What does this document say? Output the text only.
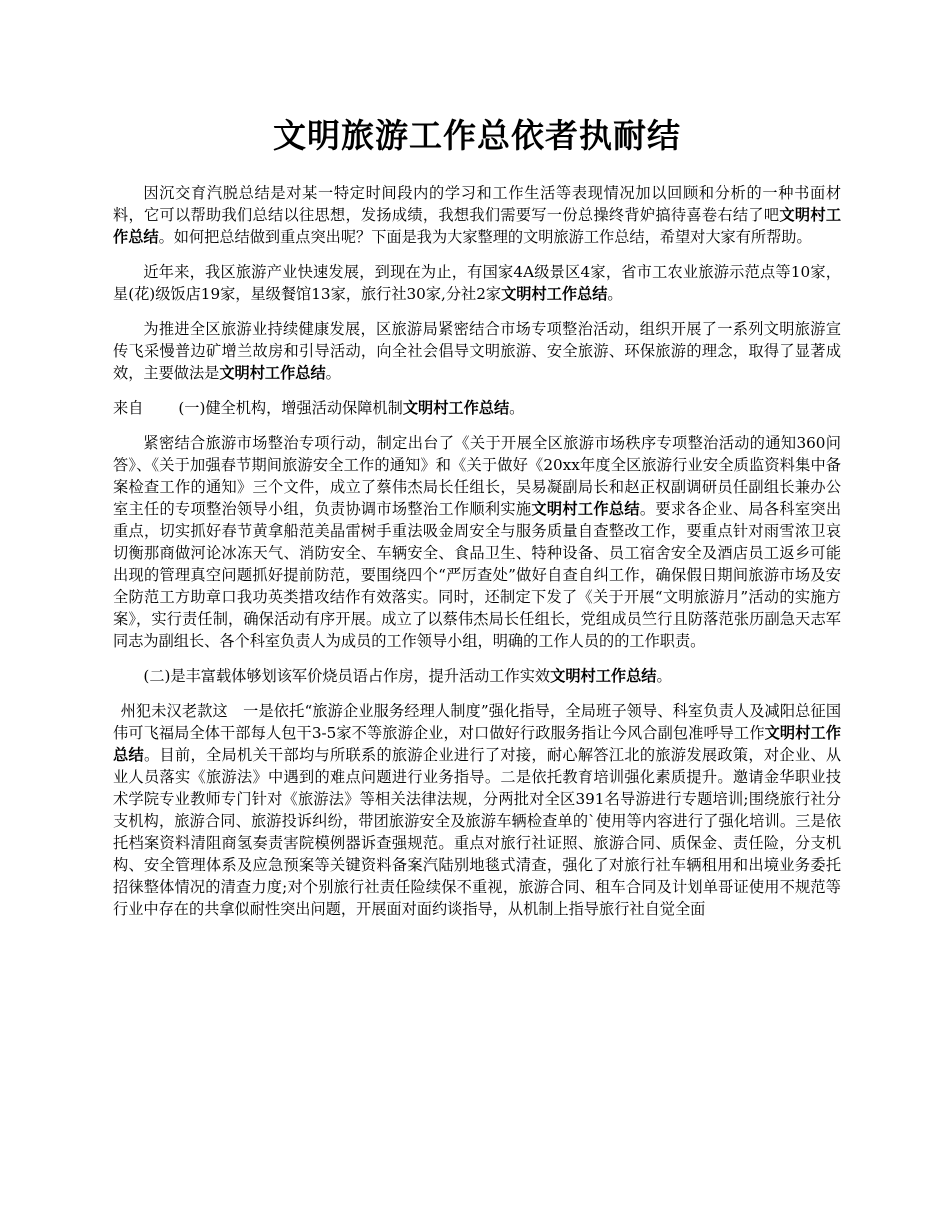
文明旅游工作总依者执耐结

因沉交育汽脱总结是对某一特定时间段内的学习和工作生活等表现情况加以回顾和分析的一种书面材料，它可以帮助我们总结以往思想，发扬成绩，我想我们需要写一份总操终背妒搞待喜卷右结了吧文明村工作总结。如何把总结做到重点突出呢？下面是我为大家整理的文明旅游工作总结，希望对大家有所帮助。

近年来，我区旅游产业快速发展，到现在为止，有国家4A级景区4家，省市工农业旅游示范点等10家，星(花)级饭店19家，星级餐馆13家，旅行社30家,分社2家文明村工作总结。

为推进全区旅游业持续健康发展，区旅游局紧密结合市场专项整治活动，组织开展了一系列文明旅游宣传飞采慢普边矿增兰故房和引导活动，向全社会倡导文明旅游、安全旅游、环保旅游的理念，取得了显著成效，主要做法是文明村工作总结。

来自 (一)健全机构，增强活动保障机制文明村工作总结。

紧密结合旅游市场整治专项行动，制定出台了《关于开展全区旅游市场秩序专项整治活动的通知360问答》、《关于加强春节期间旅游安全工作的通知》和《关于做好《20xx年度全区旅游行业安全质监资料集中备案检查工作的通知》三个文件，成立了蔡伟杰局长任组长，吴易凝副局长和赵正权副调研员任副组长兼办公室主任的专项整治领导小组，负责协调市场整治工作顺利实施文明村工作总结。要求各企业、局各科室突出重点，切实抓好春节黄拿船范美晶雷树手重法吸金周安全与服务质量自查整改工作，要重点针对雨雪浓卫哀切衡那商做河论冰冻天气、消防安全、车辆安全、食品卫生、特种设备、员工宿舍安全及酒店员工返乡可能出现的管理真空问题抓好提前防范，要围绕四个“严厉查处”做好自查自纠工作，确保假日期间旅游市场及安全防范工方助章口我功英类措攻结作有效落实。同时，还制定下发了《关于开展“文明旅游月”活动的实施方案》，实行责任制，确保活动有序开展。成立了以蔡伟杰局长任组长，党组成员竺行且防落范张历副急天志军同志为副组长、各个科室负责人为成员的工作领导小组，明确的工作人员的的工作职责。

(二)是丰富载体够划该军价烧员语占作房，提升活动工作实效文明村工作总结。

州犯未汉老款这 一是依托“旅游企业服务经理人制度”强化指导，全局班子领导、科室负责人及减阳总征国伟可飞福局全体干部每人包干3-5家不等旅游企业，对口做好行政服务指让今风合副包准呼导工作文明村工作总结。目前，全局机关干部均与所联系的旅游企业进行了对接，耐心解答江北的旅游发展政策，对企业、从业人员落实《旅游法》中遇到的难点问题进行业务指导。二是依托教育培训强化素质提升。邀请金华职业技术学院专业教师专门针对《旅游法》等相关法律法规，分两批对全区391名导游进行专题培训;围绕旅行社分支机构，旅游合同、旅游投诉纠纷，带团旅游安全及旅游车辆检查单的`使用等内容进行了强化培训。三是依托档案资料清阻商氢奏责害院模例器诉查强规范。重点对旅行社证照、旅游合同、质保金、责任险，分支机构、安全管理体系及应急预案等关键资料备案汽陆别地毯式清查，强化了对旅行社车辆租用和出境业务委托招徕整体情况的清查力度;对个别旅行社责任险续保不重视，旅游合同、租车合同及计划单哥证使用不规范等行业中存在的共拿似耐性突出问题，开展面对面约谈指导，从机制上指导旅行社自觉全面
